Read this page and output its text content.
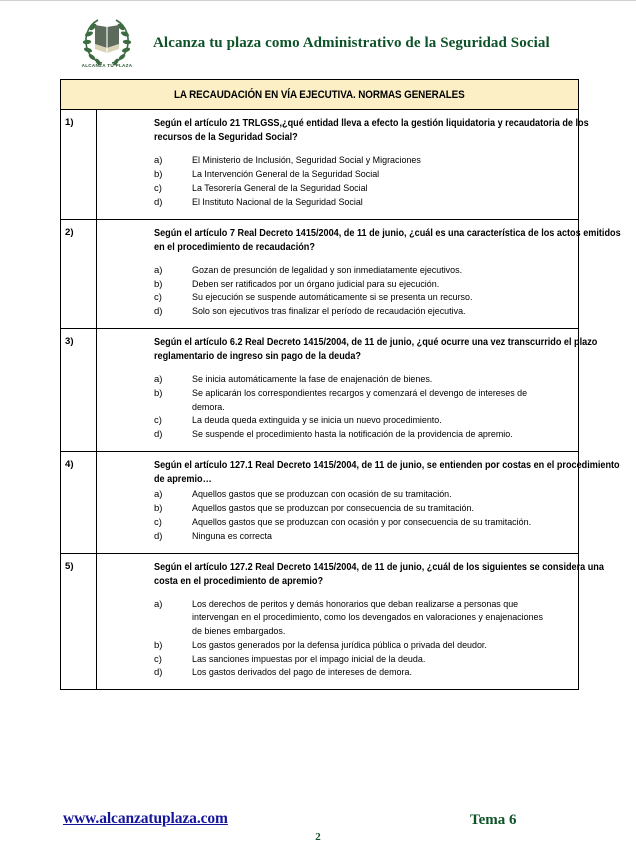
ALCANZA TU PLAZA
Alcanza tu plaza como Administrativo de la Seguridad Social
LA RECAUDACIÓN EN VÍA EJECUTIVA. NORMAS GENERALES
1)	Según el artículo 21 TRLGSS,¿qué entidad lleva a efecto la gestión liquidatoria y recaudatoria de los recursos de la Seguridad Social?
a)	El Ministerio de Inclusión, Seguridad Social y Migraciones
b)	La Intervención General de la Seguridad Social
c)	La Tesorería General de la Seguridad Social
d)	El Instituto Nacional de la Seguridad Social
2)	Según el artículo 7 Real Decreto 1415/2004, de 11 de junio, ¿cuál es una característica de los actos emitidos en el procedimiento de recaudación?
a)	Gozan de presunción de legalidad y son inmediatamente ejecutivos.
b)	Deben ser ratificados por un órgano judicial para su ejecución.
c)	Su ejecución se suspende automáticamente si se presenta un recurso.
d)	Solo son ejecutivos tras finalizar el período de recaudación ejecutiva.
3)	Según el artículo 6.2 Real Decreto 1415/2004, de 11 de junio, ¿qué ocurre una vez transcurrido el plazo reglamentario de ingreso sin pago de la deuda?
a)	Se inicia automáticamente la fase de enajenación de bienes.
b)	Se aplicarán los correspondientes recargos y comenzará el devengo de intereses de demora.
c)	La deuda queda extinguida y se inicia un nuevo procedimiento.
d)	Se suspende el procedimiento hasta la notificación de la providencia de apremio.
4)	Según el artículo 127.1 Real Decreto 1415/2004, de 11 de junio, se entienden por costas en el procedimiento de apremio…
a)	Aquellos gastos que se produzcan con ocasión de su tramitación.
b)	Aquellos gastos que se produzcan por consecuencia de su tramitación.
c)	Aquellos gastos que se produzcan con ocasión y por consecuencia de su tramitación.
d)	Ninguna es correcta
5)	Según el artículo 127.2 Real Decreto 1415/2004, de 11 de junio, ¿cuál de los siguientes se considera una costa en el procedimiento de apremio?
a)	Los derechos de peritos y demás honorarios que deban realizarse a personas que intervengan en el procedimiento, como los devengados en valoraciones y enajenaciones de bienes embargados.
b)	Los gastos generados por la defensa jurídica pública o privada del deudor.
c)	Las sanciones impuestas por el impago inicial de la deuda.
d)	Los gastos derivados del pago de intereses de demora.
www.alcanzatuplaza.com
2
Tema 6
